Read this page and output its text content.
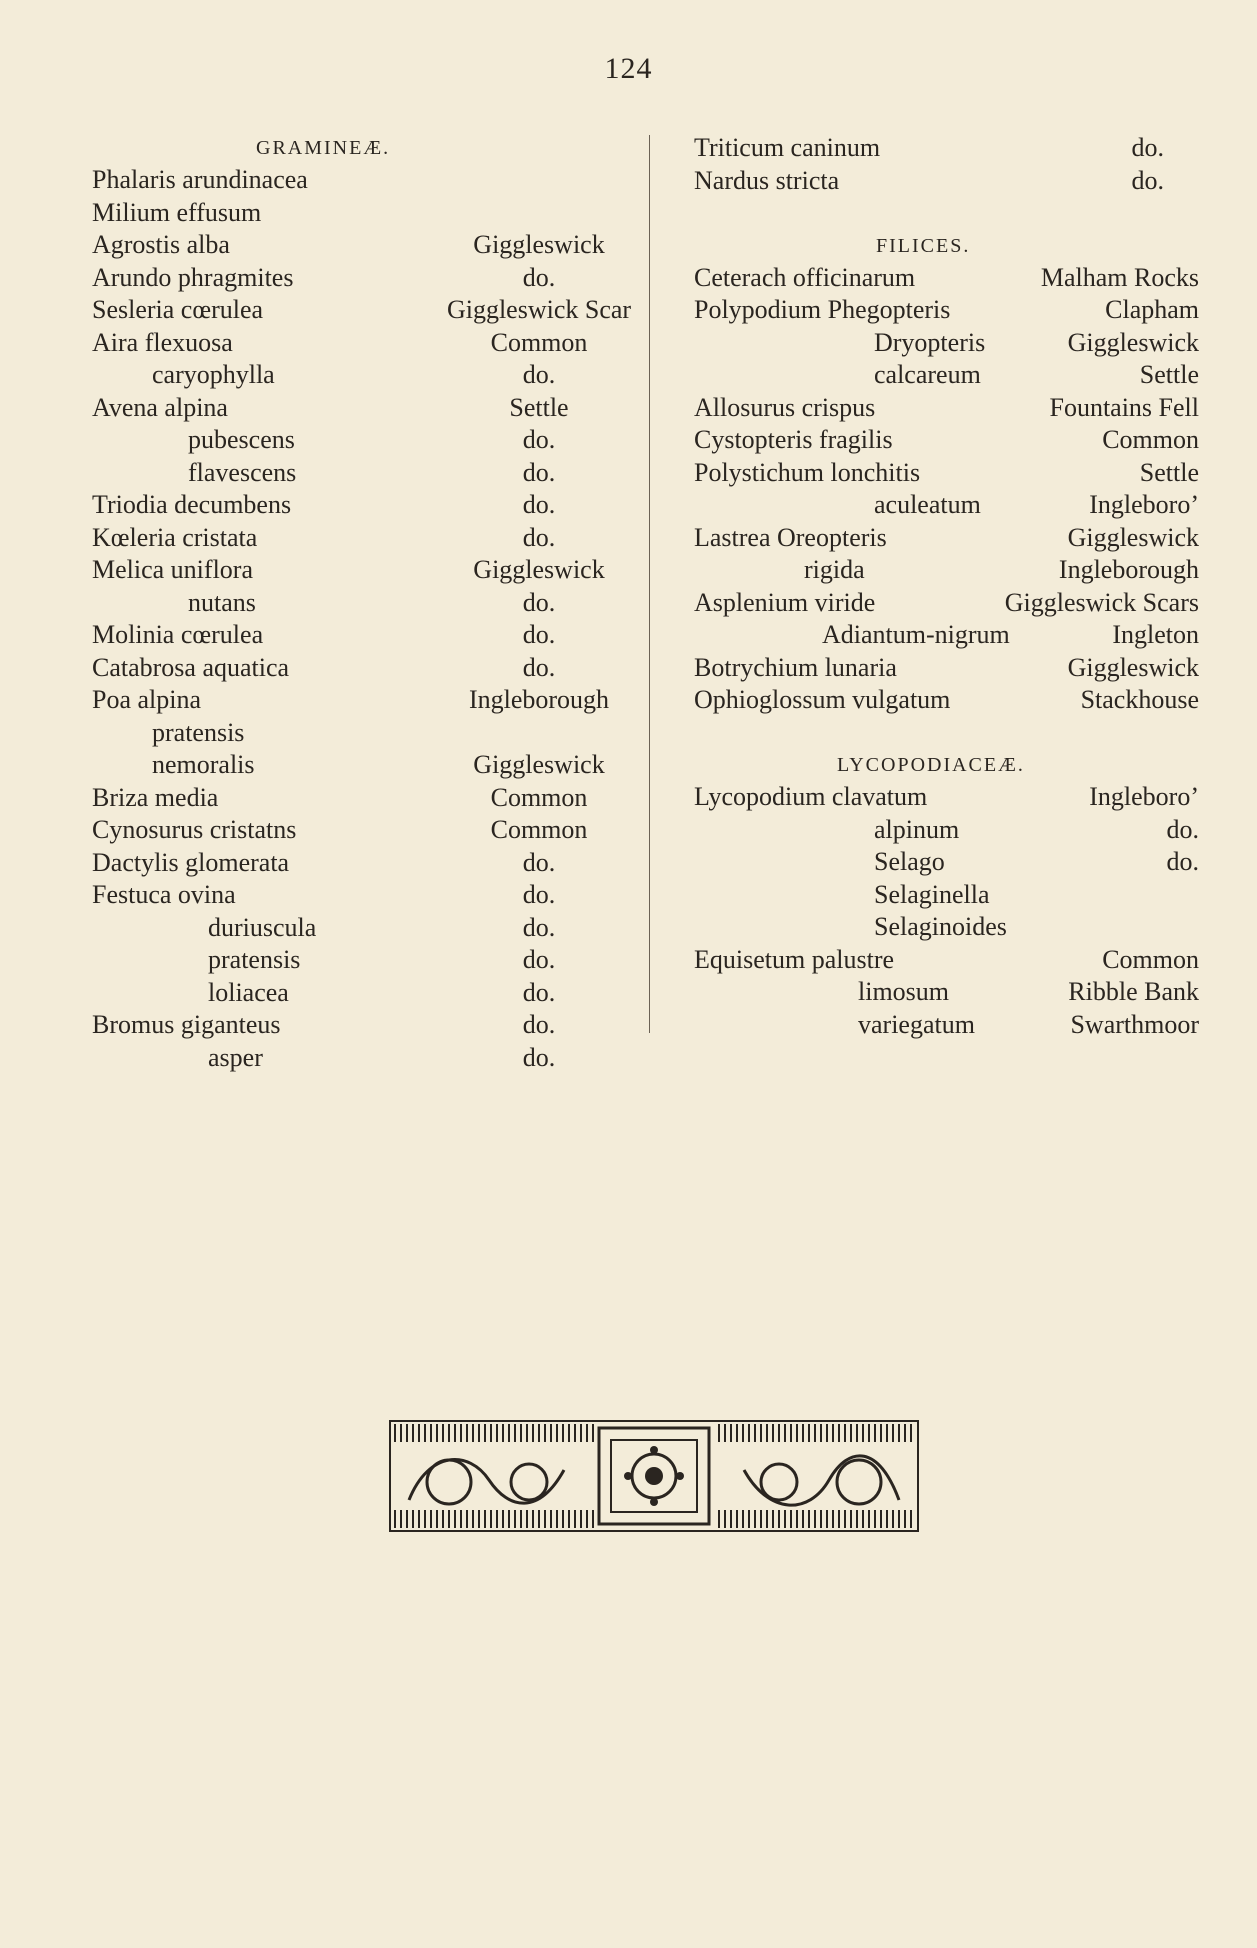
124
GRAMINEÆ.
Phalaris arundinacea
Milium effusum
Agrostis alba	Giggleswick
Arundo phragmites	do.
Sesleria cœrulea	Giggleswick Scar
Aira flexuosa	Common
caryophylla	do.
Avena alpina	Settle
pubescens	do.
flavescens	do.
Triodia decumbens	do.
Kœleria cristata	do.
Melica uniflora	Giggleswick
nutans	do.
Molinia cœrulea	do.
Catabrosa aquatica	do.
Poa alpina	Ingleborough
pratensis
nemoralis	Giggleswick
Briza media	Common
Cynosurus cristatns	Common
Dactylis glomerata	do.
Festuca ovina	do.
duriuscula	do.
pratensis	do.
loliacea	do.
Bromus giganteus	do.
asper	do.
Triticum caninum	do.
Nardus stricta	do.
FILICES.
Ceterach officinarum	Malham Rocks
Polypodium Phegopteris	Clapham
Dryopteris	Giggleswick
calcareum	Settle
Allosurus crispus	Fountains Fell
Cystopteris fragilis	Common
Polystichum lonchitis	Settle
aculeatum	Ingleboro’
Lastrea Oreopteris	Giggleswick
rigida	Ingleborough
Asplenium viride	Giggleswick Scars
Adiantum-nigrum	Ingleton
Botrychium lunaria	Giggleswick
Ophioglossum vulgatum	Stackhouse
LYCOPODIACEÆ.
Lycopodium clavatum	Ingleboro’
alpinum	do.
Selago	do.
Selaginella
Selaginoides
Equisetum palustre	Common
limosum	Ribble Bank
variegatum	Swarthmoor
